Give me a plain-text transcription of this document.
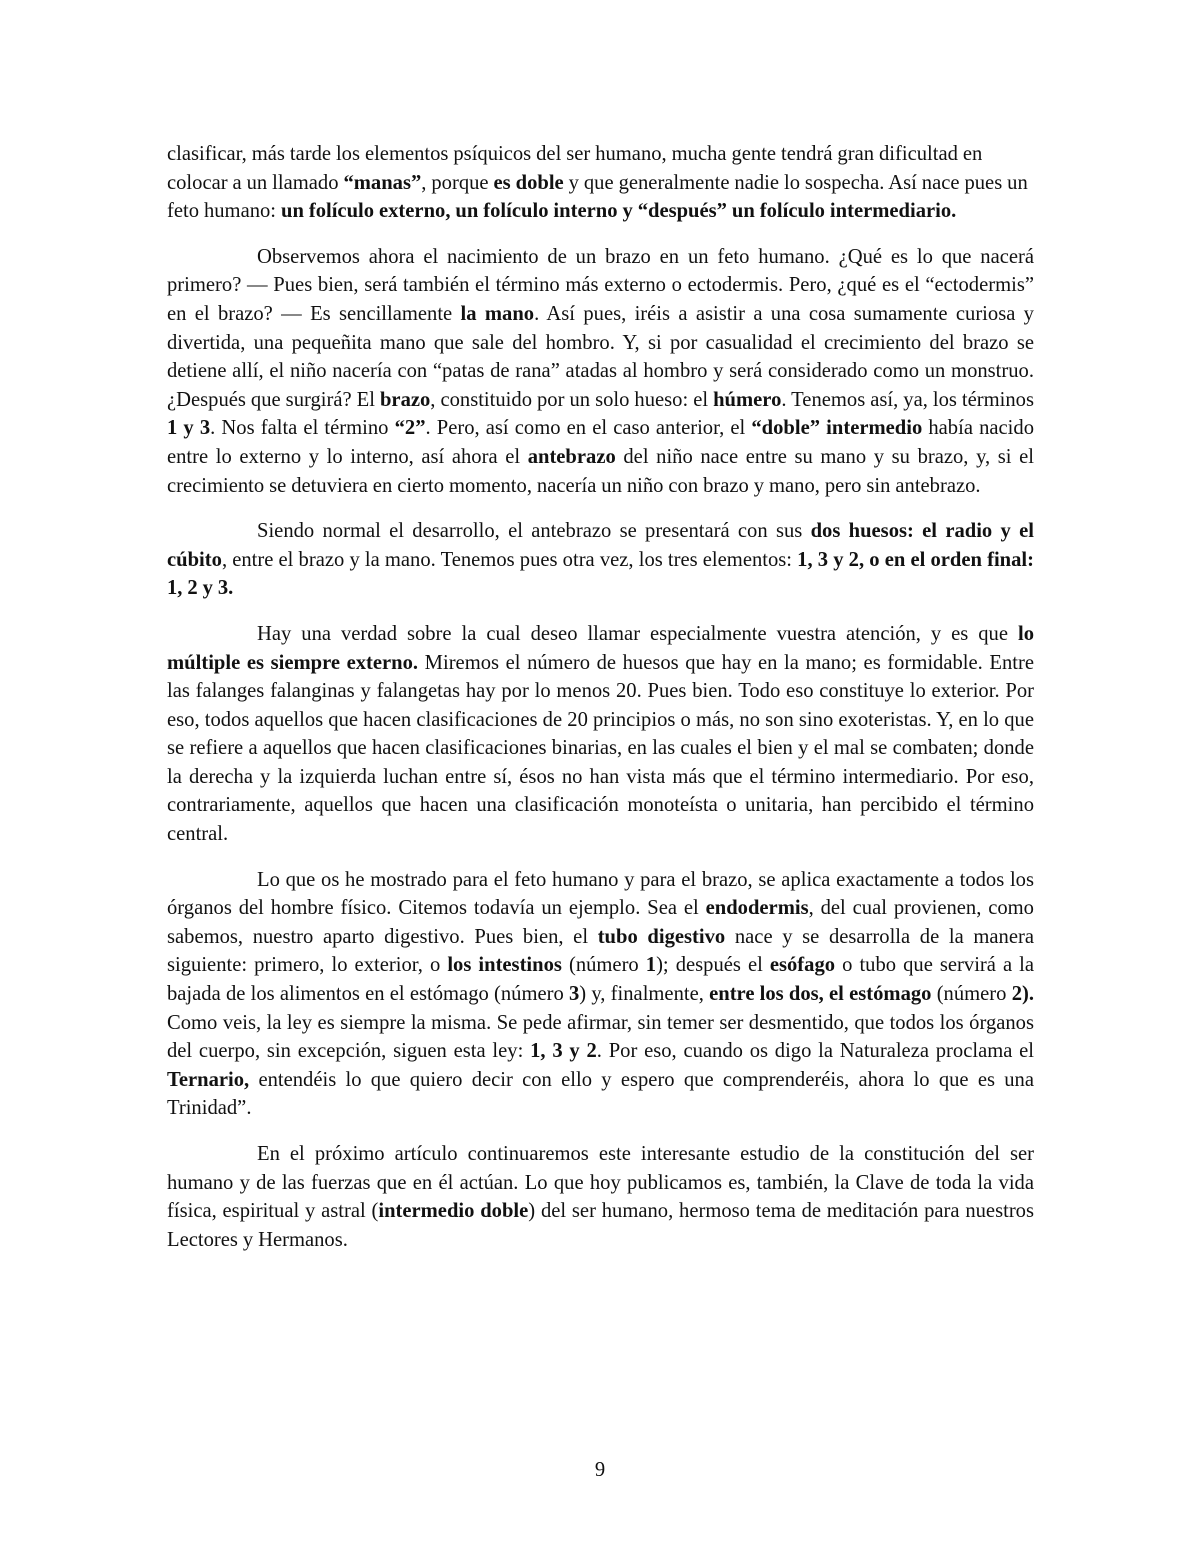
clasificar, más tarde los elementos psíquicos del ser humano, mucha gente tendrá gran dificultad en colocar a un llamado “manas”, porque es doble y que generalmente nadie lo sospecha. Así nace pues un feto humano: un folículo externo, un folículo interno y “después” un folículo intermediario.

Observemos ahora el nacimiento de un brazo en un feto humano. ¿Qué es lo que nacerá primero? — Pues bien, será también el término más externo o ectodermis. Pero, ¿qué es el “ectodermis” en el brazo? — Es sencillamente la mano. Así pues, iréis a asistir a una cosa sumamente curiosa y divertida, una pequeñita mano que sale del hombro. Y, si por casualidad el crecimiento del brazo se detiene allí, el niño nacería con “patas de rana” atadas al hombro y será considerado como un monstruo. ¿Después que surgirá? El brazo, constituido por un solo hueso: el húmero. Tenemos así, ya, los términos 1 y 3. Nos falta el término “2”. Pero, así como en el caso anterior, el “doble” intermedio había nacido entre lo externo y lo interno, así ahora el antebrazo del niño nace entre su mano y su brazo, y, si el crecimiento se detuviera en cierto momento, nacería un niño con brazo y mano, pero sin antebrazo.

Siendo normal el desarrollo, el antebrazo se presentará con sus dos huesos: el radio y el cúbito, entre el brazo y la mano. Tenemos pues otra vez, los tres elementos: 1, 3 y 2, o en el orden final: 1, 2 y 3.

Hay una verdad sobre la cual deseo llamar especialmente vuestra atención, y es que lo múltiple es siempre externo. Miremos el número de huesos que hay en la mano; es formidable. Entre las falanges falanginas y falangetas hay por lo menos 20. Pues bien. Todo eso constituye lo exterior. Por eso, todos aquellos que hacen clasificaciones de 20 principios o más, no son sino exoteristas. Y, en lo que se refiere a aquellos que hacen clasificaciones binarias, en las cuales el bien y el mal se combaten; donde la derecha y la izquierda luchan entre sí, ésos no han vista más que el término intermediario. Por eso, contrariamente, aquellos que hacen una clasificación monoteísta o unitaria, han percibido el término central.

Lo que os he mostrado para el feto humano y para el brazo, se aplica exactamente a todos los órganos del hombre físico. Citemos todavía un ejemplo. Sea el endodermis, del cual provienen, como sabemos, nuestro aparto digestivo. Pues bien, el tubo digestivo nace y se desarrolla de la manera siguiente: primero, lo exterior, o los intestinos (número 1); después el esófago o tubo que servirá a la bajada de los alimentos en el estómago (número 3) y, finalmente, entre los dos, el estómago (número 2). Como veis, la ley es siempre la misma. Se pede afirmar, sin temer ser desmentido, que todos los órganos del cuerpo, sin excepción, siguen esta ley: 1, 3 y 2. Por eso, cuando os digo la Naturaleza proclama el Ternario, entendéis lo que quiero decir con ello y espero que comprenderéis, ahora lo que es una Trinidad”.

En el próximo artículo continuaremos este interesante estudio de la constitución del ser humano y de las fuerzas que en él actúan. Lo que hoy publicamos es, también, la Clave de toda la vida física, espiritual y astral (intermedio doble) del ser humano, hermoso tema de meditación para nuestros Lectores y Hermanos.

9
